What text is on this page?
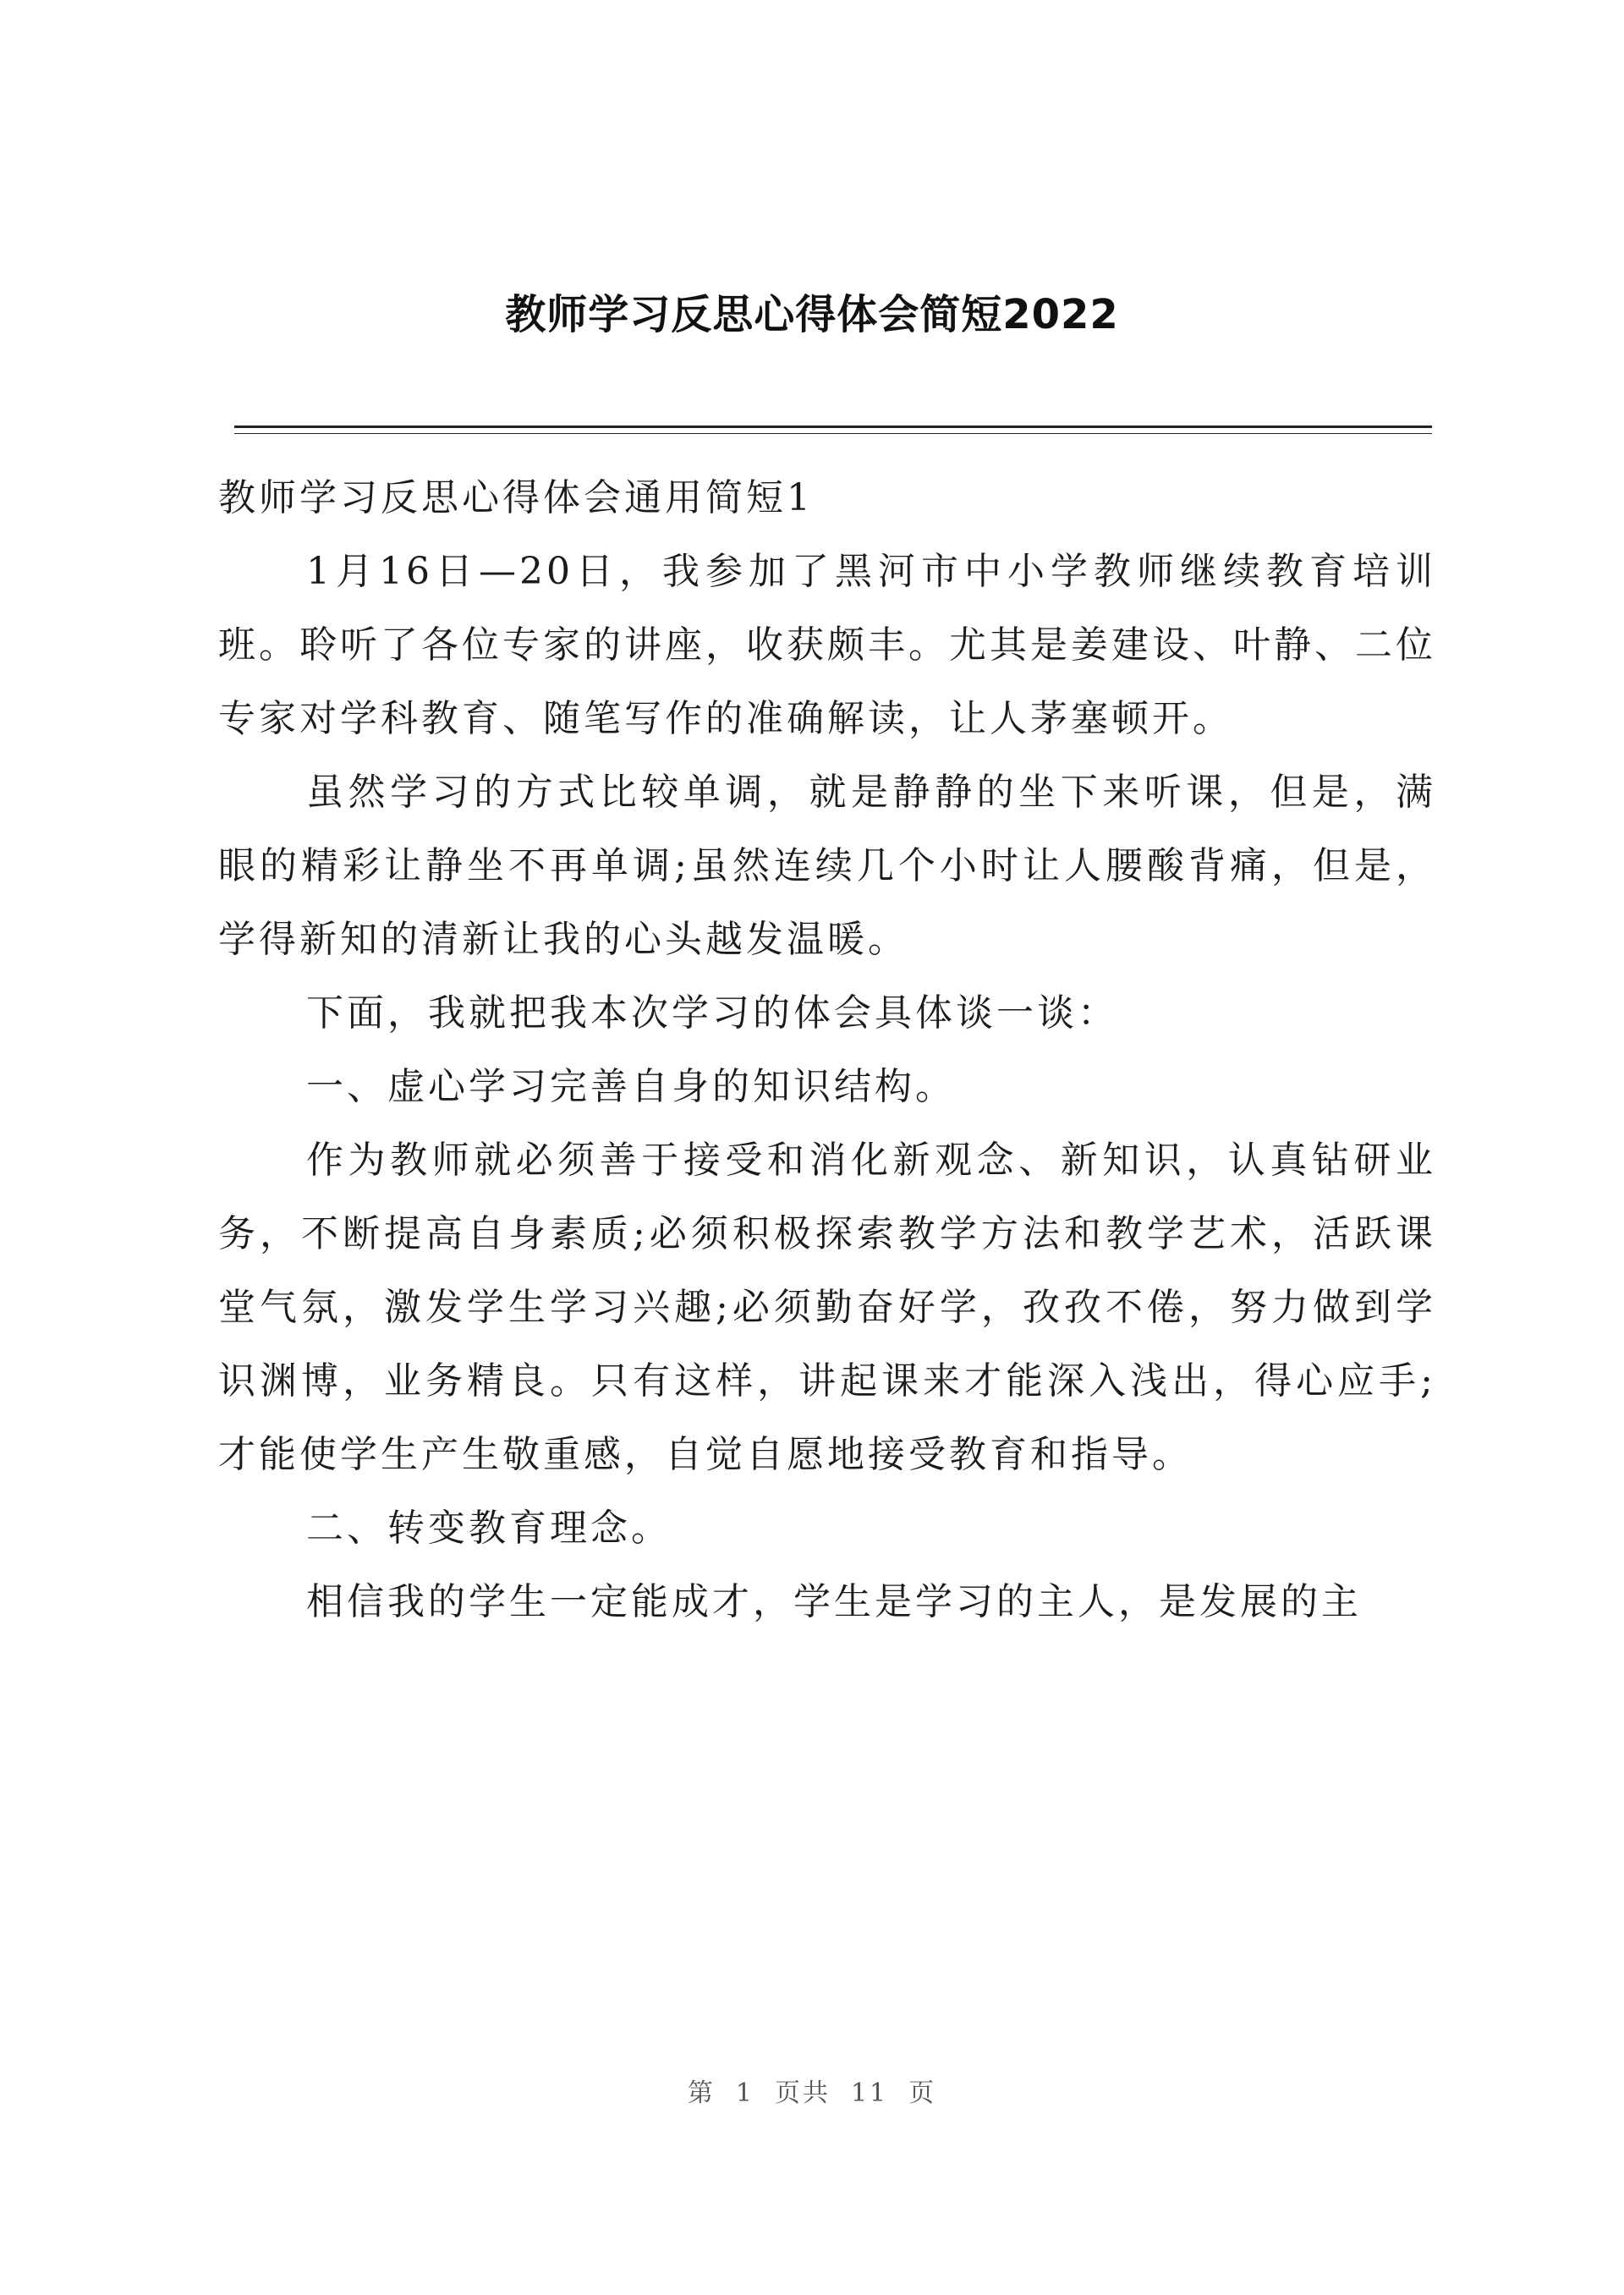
教师学习反思心得体会简短2022

教师学习反思心得体会通用简短1

1月16日—20日，我参加了黑河市中小学教师继续教育培训班。聆听了各位专家的讲座，收获颇丰。尤其是姜建设、叶静、二位专家对学科教育、随笔写作的准确解读，让人茅塞顿开。

虽然学习的方式比较单调，就是静静的坐下来听课，但是，满眼的精彩让静坐不再单调;虽然连续几个小时让人腰酸背痛，但是，学得新知的清新让我的心头越发温暖。

下面，我就把我本次学习的体会具体谈一谈：

一、虚心学习完善自身的知识结构。

作为教师就必须善于接受和消化新观念、新知识，认真钻研业务，不断提高自身素质;必须积极探索教学方法和教学艺术，活跃课堂气氛，激发学生学习兴趣;必须勤奋好学，孜孜不倦，努力做到学识渊博，业务精良。只有这样，讲起课来才能深入浅出，得心应手;才能使学生产生敬重感，自觉自愿地接受教育和指导。

二、转变教育理念。

相信我的学生一定能成才，学生是学习的主人，是发展的主

第 1 页共 11 页
